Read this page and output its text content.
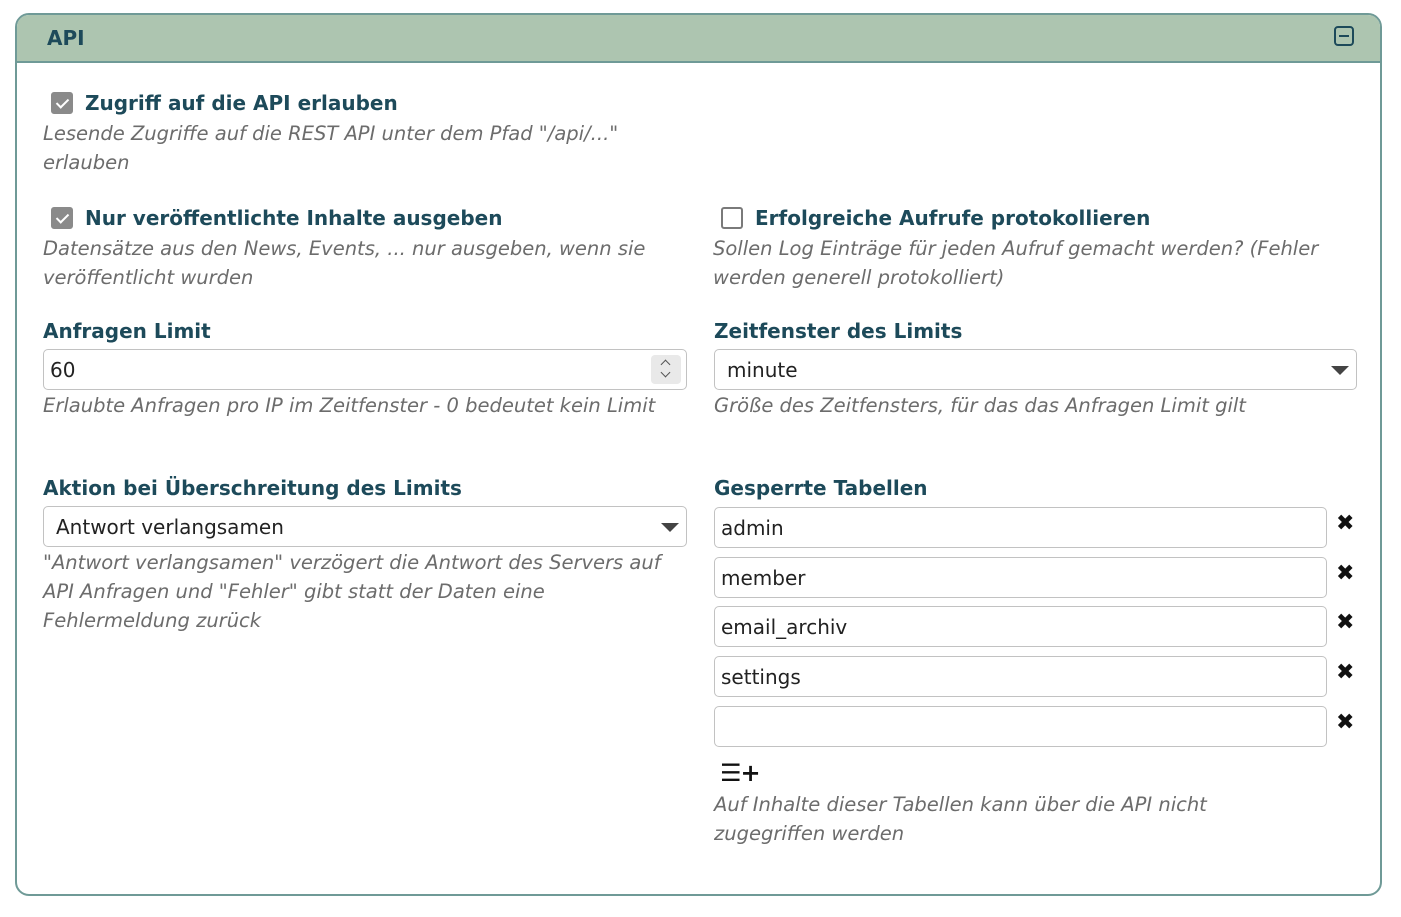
API
Zugriff auf die API erlauben
Lesende Zugriffe auf die REST API unter dem Pfad "/api/..." erlauben
Nur veröffentlichte Inhalte ausgeben
Datensätze aus den News, Events, ... nur ausgeben, wenn sie veröffentlicht wurden
Erfolgreiche Aufrufe protokollieren
Sollen Log Einträge für jeden Aufruf gemacht werden? (Fehler werden generell protokolliert)
Anfragen Limit
60
Erlaubte Anfragen pro IP im Zeitfenster - 0 bedeutet kein Limit
Zeitfenster des Limits
minute
Größe des Zeitfensters, für das das Anfragen Limit gilt
Aktion bei Überschreitung des Limits
Antwort verlangsamen
"Antwort verlangsamen" verzögert die Antwort des Servers auf API Anfragen und "Fehler" gibt statt der Daten eine Fehlermeldung zurück
Gesperrte Tabellen
admin	✖
member	✖
email_archiv	✖
settings	✖
✖
☰+
Auf Inhalte dieser Tabellen kann über die API nicht zugegriffen werden
